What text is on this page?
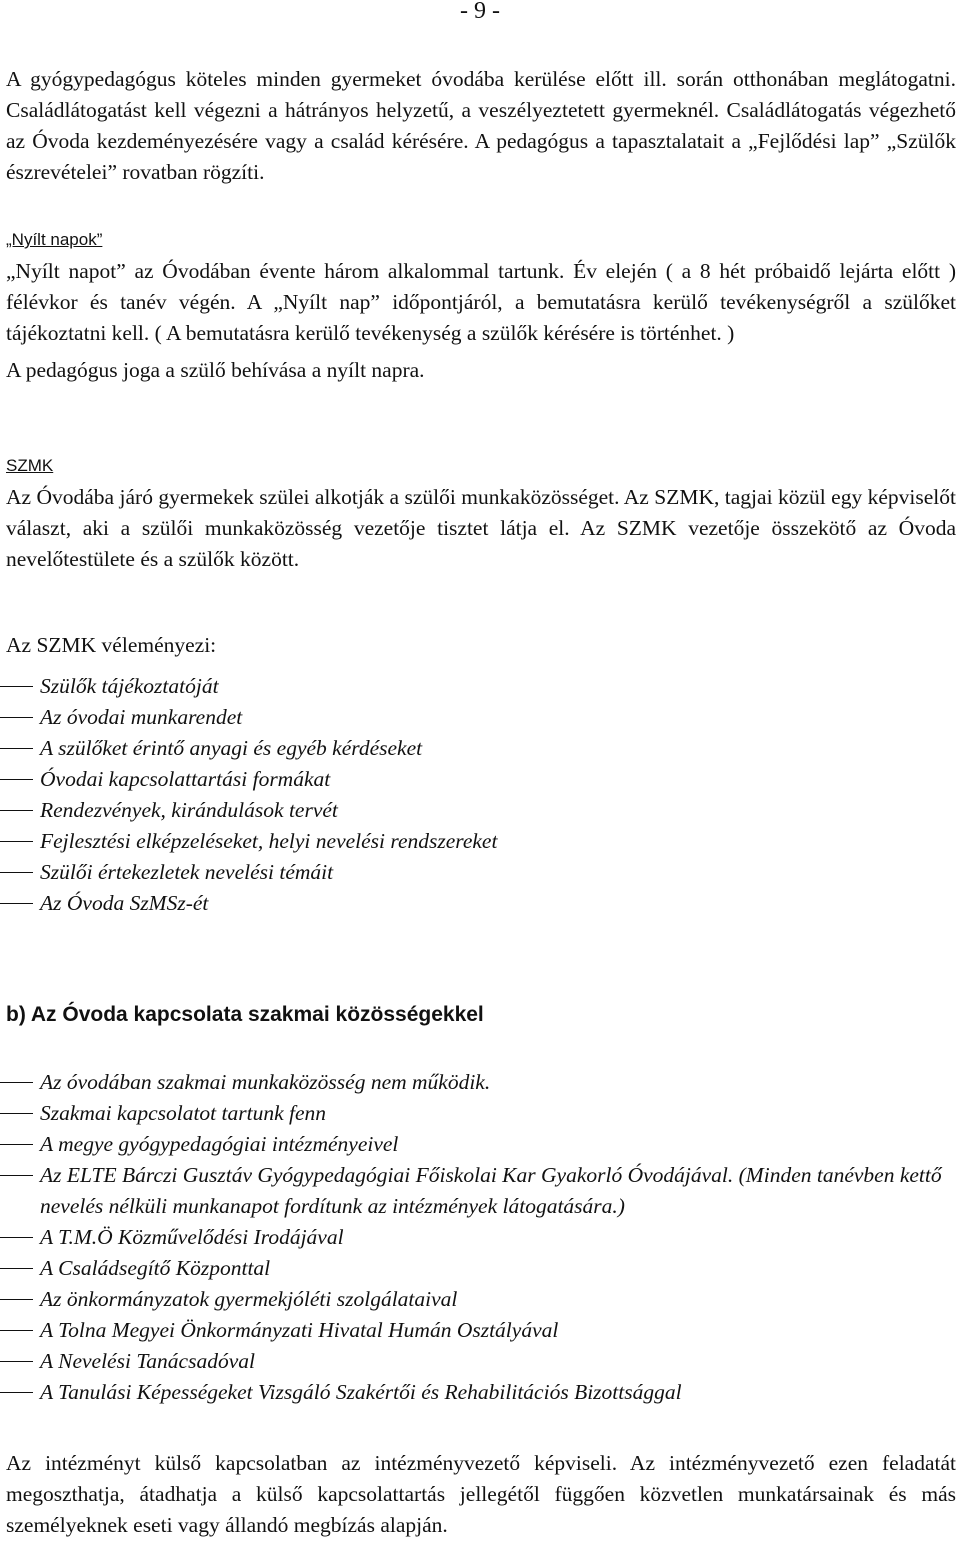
- 9 -

A gyógypedagógus köteles minden gyermeket óvodába kerülése előtt ill. során otthonában meglátogatni. Családlátogatást kell végezni a hátrányos helyzetű, a veszélyeztetett gyermeknél. Családlátogatás végezhető az Óvoda kezdeményezésére vagy a család kérésére. A pedagógus a tapasztalatait a „Fejlődési lap” „Szülők észrevételei” rovatban rögzíti.

„Nyílt napok”

„Nyílt napot” az Óvodában évente három alkalommal tartunk. Év elején ( a 8 hét próbaidő lejárta előtt ) félévkor és tanév végén. A „Nyílt nap” időpontjáról, a bemutatásra kerülő tevékenységről a szülőket tájékoztatni kell. ( A bemutatásra kerülő tevékenység a szülők kérésére is történhet. )

A pedagógus joga a szülő behívása a nyílt napra.

SZMK

Az Óvodába járó gyermekek szülei alkotják a szülői munkaközösséget. Az SZMK, tagjai közül egy képviselőt választ, aki a szülői munkaközösség vezetője tisztet látja el. Az SZMK vezetője összekötő az Óvoda nevelőtestülete és a szülők között.

Az SZMK véleményezi:

Szülők tájékoztatóját
Az óvodai munkarendet
A szülőket érintő anyagi és egyéb kérdéseket
Óvodai kapcsolattartási formákat
Rendezvények, kirándulások tervét
Fejlesztési elképzeléseket, helyi nevelési rendszereket
Szülői értekezletek nevelési témáit
Az Óvoda SzMSz-ét
b) Az Óvoda kapcsolata szakmai közösségekkel
Az óvodában szakmai munkaközösség nem működik.
Szakmai kapcsolatot tartunk fenn
A megye gyógypedagógiai intézményeivel
Az ELTE Bárczi Gusztáv Gyógypedagógiai Főiskolai Kar Gyakorló Óvodájával. (Minden tanévben kettő nevelés nélküli munkanapot fordítunk az intézmények látogatására.)
A T.M.Ö Közművelődési Irodájával
A Családsegítő Központtal
Az önkormányzatok gyermekjóléti szolgálataival
A Tolna Megyei Önkormányzati Hivatal Humán Osztályával
A Nevelési Tanácsadóval
A Tanulási Képességeket Vizsgáló Szakértői és Rehabilitációs Bizottsággal

Az intézményt külső kapcsolatban az intézményvezető képviseli. Az intézményvezető ezen feladatát megoszthatja, átadhatja a külső kapcsolattartás jellegétől függően közvetlen munkatársainak és más személyeknek eseti vagy állandó megbízás alapján.
